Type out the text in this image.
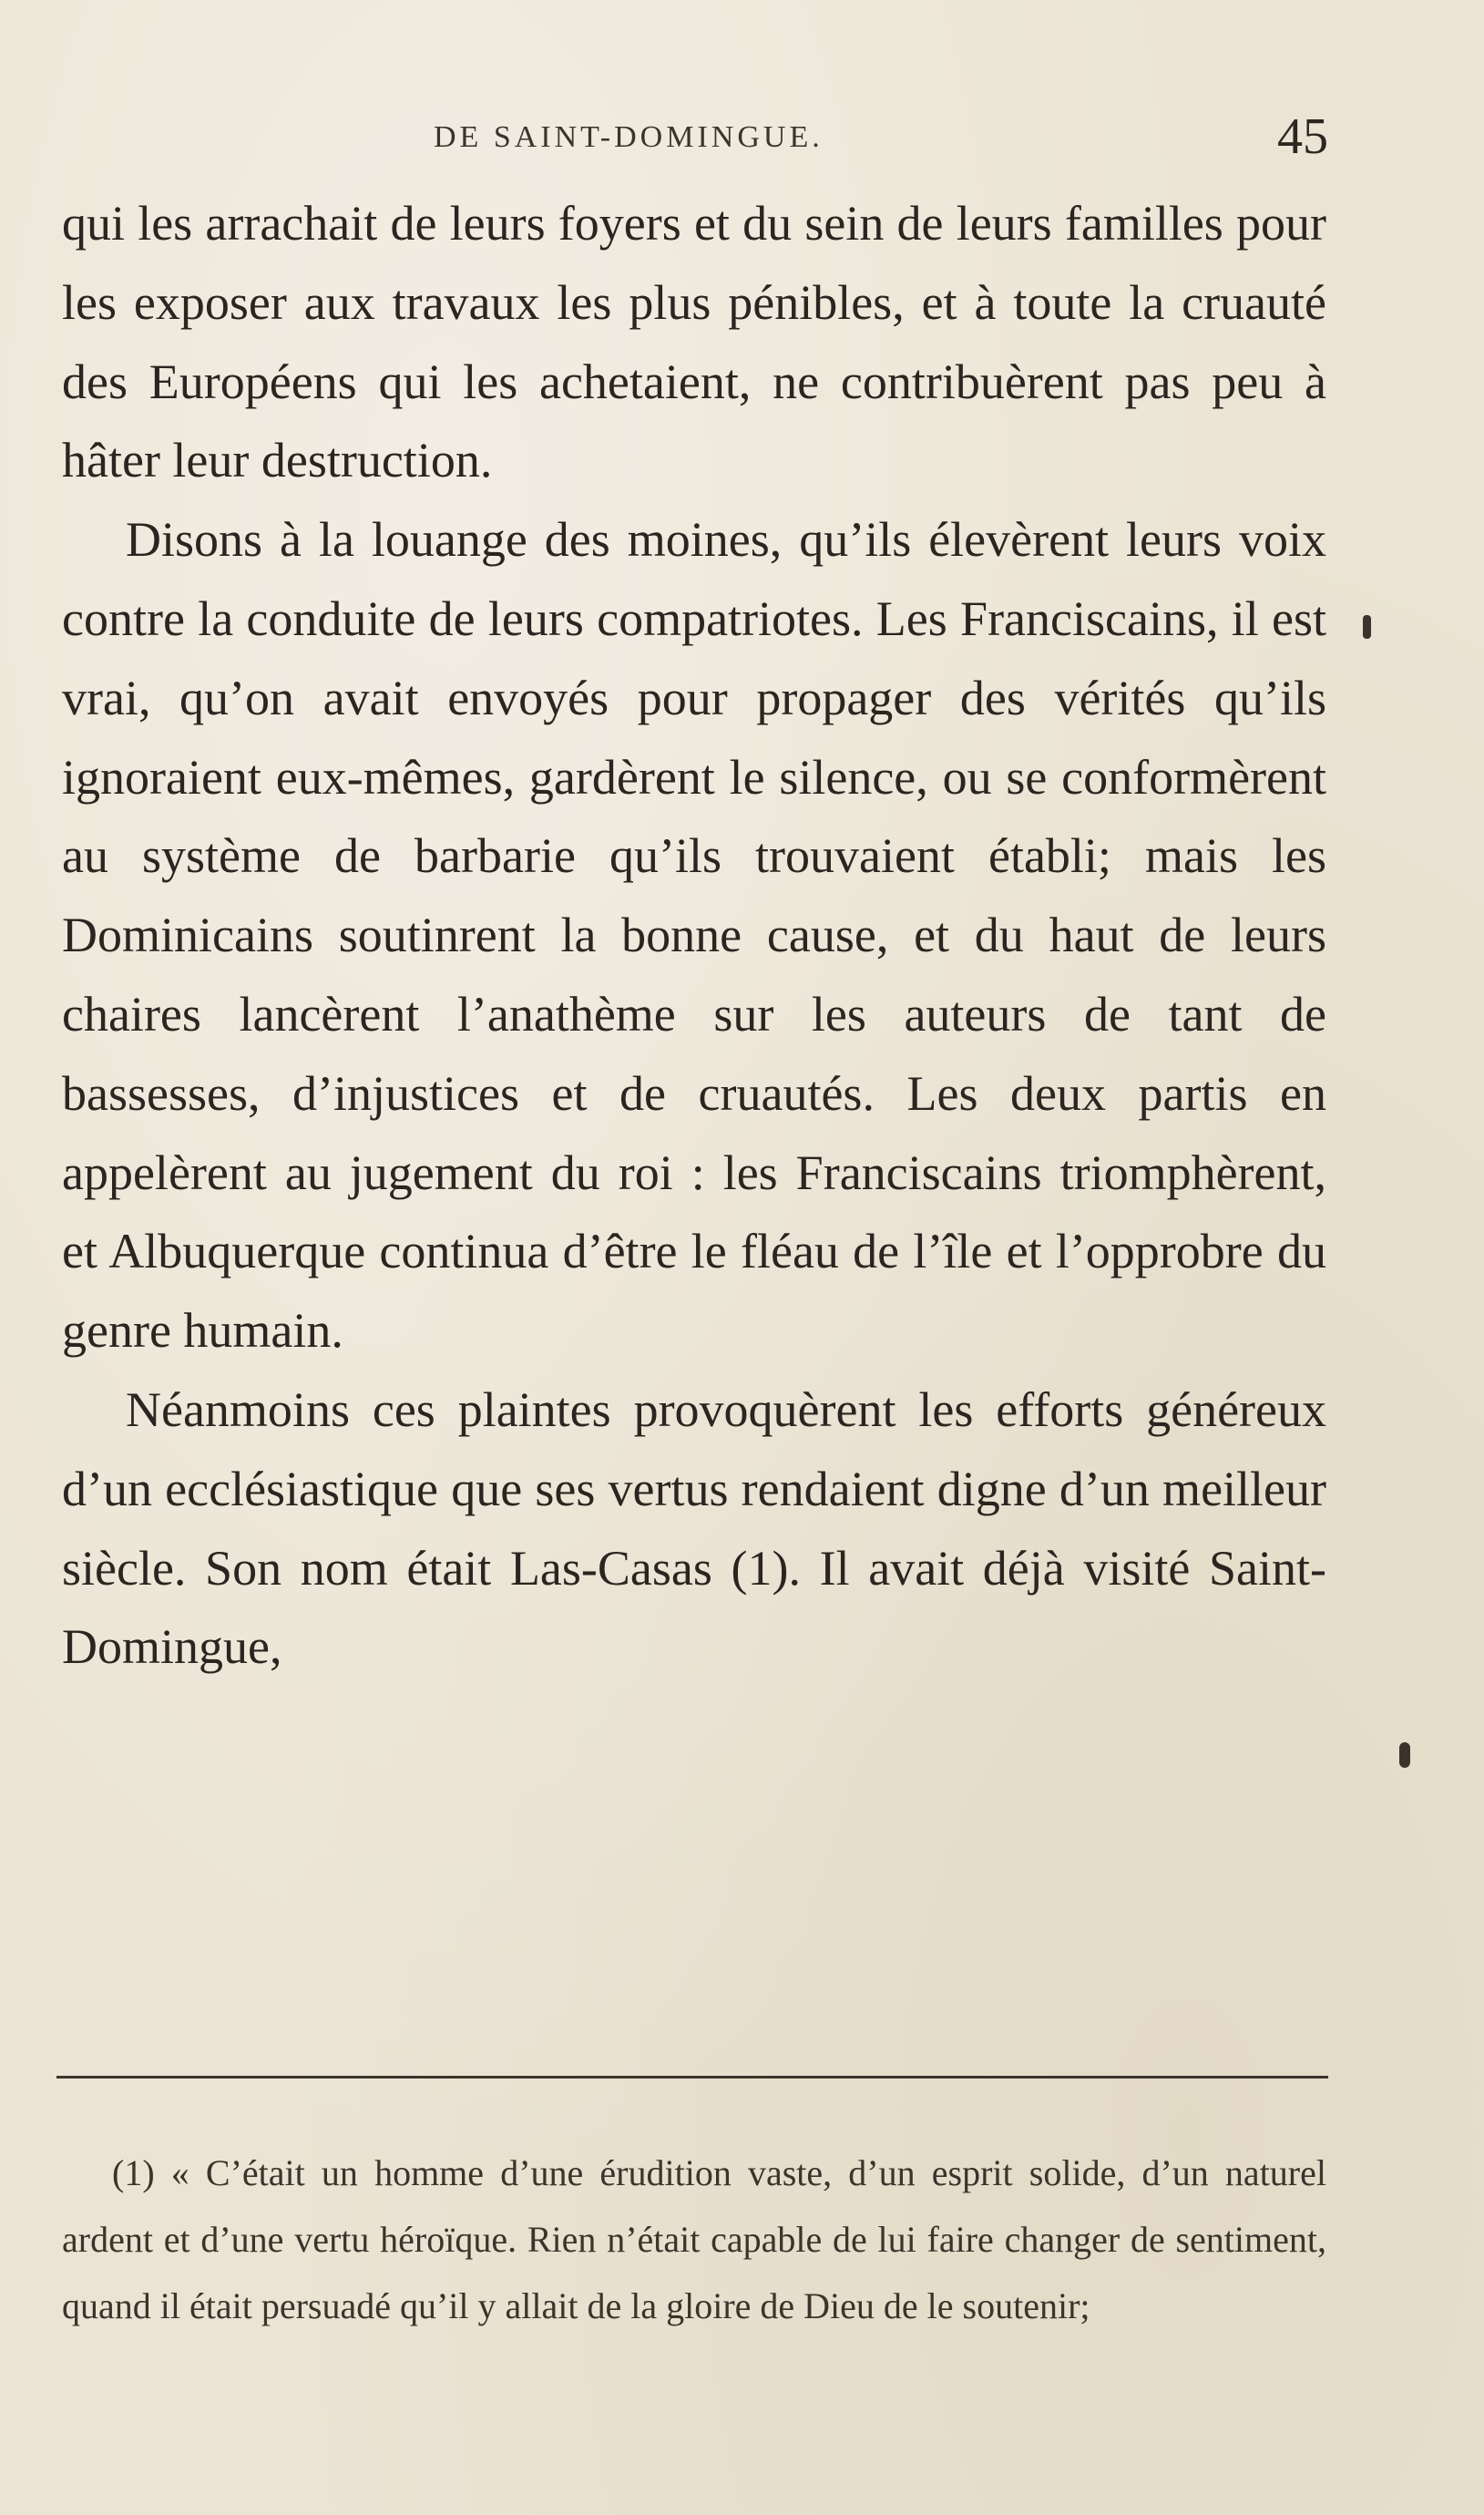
DE SAINT-DOMINGUE.	45

qui les arrachait de leurs foyers et du sein de leurs familles pour les exposer aux travaux les plus pénibles, et à toute la cruauté des Européens qui les achetaient, ne contribuèrent pas peu à hâter leur destruction.

Disons à la louange des moines, qu’ils élevèrent leurs voix contre la conduite de leurs compatriotes. Les Franciscains, il est vrai, qu’on avait envoyés pour propager des vérités qu’ils ignoraient eux-mêmes, gardèrent le silence, ou se conformèrent au système de barbarie qu’ils trouvaient établi; mais les Dominicains soutinrent la bonne cause, et du haut de leurs chaires lancèrent l’anathème sur les auteurs de tant de bassesses, d’injustices et de cruautés. Les deux partis en appelèrent au jugement du roi : les Franciscains triomphèrent, et Albuquerque continua d’être le fléau de l’île et l’opprobre du genre humain.

Néanmoins ces plaintes provoquèrent les efforts généreux d’un ecclésiastique que ses vertus rendaient digne d’un meilleur siècle. Son nom était Las-Casas (1). Il avait déjà visité Saint-Domingue,

(1) « C’était un homme d’une érudition vaste, d’un esprit solide, d’un naturel ardent et d’une vertu héroïque. Rien n’était capable de lui faire changer de sentiment, quand il était persuadé qu’il y allait de la gloire de Dieu de le soutenir;
